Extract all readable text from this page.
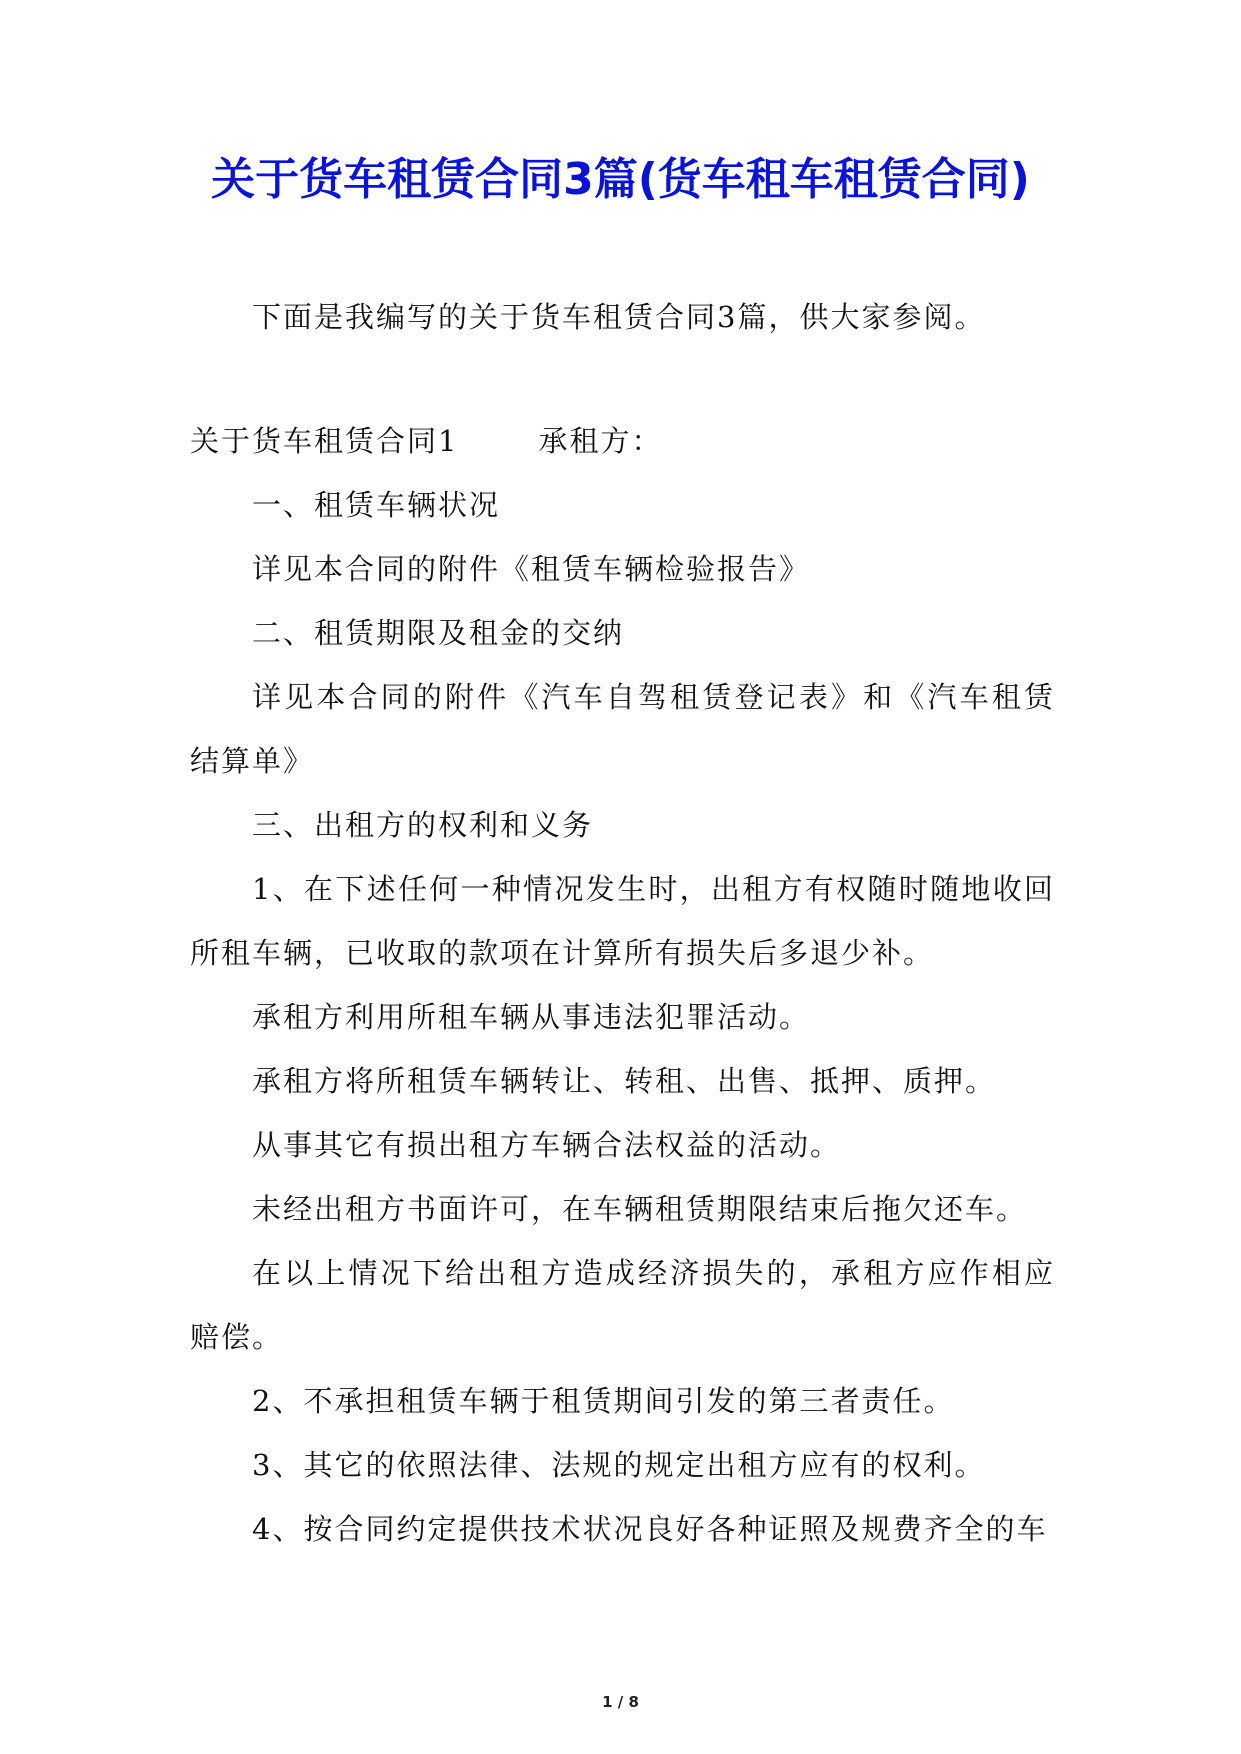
关于货车租赁合同3篇(货车租车租赁合同)

下面是我编写的关于货车租赁合同3篇，供大家参阅。

关于货车租赁合同1	承租方：

一、租赁车辆状况

详见本合同的附件《租赁车辆检验报告》

二、租赁期限及租金的交纳

详见本合同的附件《汽车自驾租赁登记表》和《汽车租赁结算单》

三、出租方的权利和义务

1、在下述任何一种情况发生时，出租方有权随时随地收回所租车辆，已收取的款项在计算所有损失后多退少补。

承租方利用所租车辆从事违法犯罪活动。

承租方将所租赁车辆转让、转租、出售、抵押、质押。

从事其它有损出租方车辆合法权益的活动。

未经出租方书面许可，在车辆租赁期限结束后拖欠还车。

在以上情况下给出租方造成经济损失的，承租方应作相应赔偿。

2、不承担租赁车辆于租赁期间引发的第三者责任。

3、其它的依照法律、法规的规定出租方应有的权利。

4、按合同约定提供技术状况良好各种证照及规费齐全的车

1 / 8
